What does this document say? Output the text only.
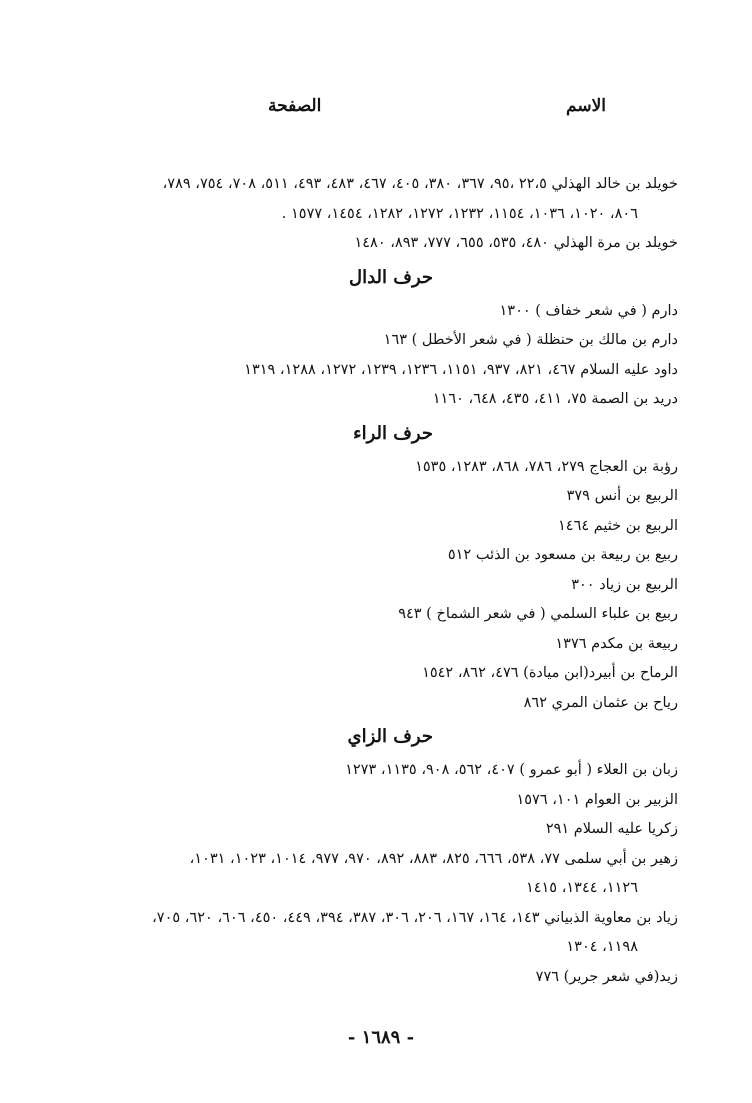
الاسم
الصفحة
خويلد بن خالد الهذلي ٢٢،٥ ،٩٥، ٣٦٧، ٣٨٠، ٤٠٥، ٤٦٧، ٤٨٣، ٤٩٣، ٥١١، ٧٠٨، ٧٥٤، ٧٨٩،
٨٠٦، ١٠٢٠، ١٠٣٦، ١١٥٤، ١٢٣٢، ١٢٧٢، ١٢٨٢، ١٤٥٤، ١٥٧٧ .
خويلد بن مرة الهذلي ٤٨٠، ٥٣٥، ٦٥٥، ٧٧٧، ٨٩٣، ١٤٨٠
حرف الدال
دارم ( في شعر خفاف ) ١٣٠٠
دارم بن مالك بن حنظلة ( في شعر الأخطل ) ١٦٣
داود عليه السلام ٤٦٧، ٨٢١، ٩٣٧، ١١٥١، ١٢٣٦، ١٢٣٩، ١٢٧٢، ١٢٨٨، ١٣١٩
دريد بن الصمة ٧٥، ٤١١، ٤٣٥، ٦٤٨، ١١٦٠
حرف الراء
رؤبة بن العجاج ٢٧٩، ٧٨٦، ٨٦٨، ١٢٨٣، ١٥٣٥
الربيع بن أنس ٣٧٩
الربيع بن خثيم ١٤٦٤
ربيع بن ربيعة بن مسعود بن الذئب ٥١٢
الربيع بن زياد ٣٠٠
ربيع بن علباء السلمي ( في شعر الشماخ ) ٩٤٣
ربيعة بن مكدم ١٣٧٦
الرماح بن أبيرد(ابن ميادة) ٤٧٦، ٨٦٢، ١٥٤٢
رياح بن عثمان المري ٨٦٢
حرف الزاي
زبان بن العلاء ( أبو عمرو ) ٤٠٧، ٥٦٢، ٩٠٨، ١١٣٥، ١٢٧٣
الزبير بن العوام ١٠١، ١٥٧٦
زكريا عليه السلام ٢٩١
زهير بن أبي سلمى ٧٧، ٥٣٨، ٦٦٦، ٨٢٥، ٨٨٣، ٨٩٢، ٩٧٠، ٩٧٧، ١٠١٤، ١٠٢٣، ١٠٣١،
١١٢٦، ١٣٤٤، ١٤١٥
زياد بن معاوية الذبياني ١٤٣، ١٦٤، ١٦٧، ٢٠٦، ٣٠٦، ٣٨٧، ٣٩٤، ٤٤٩، ٤٥٠، ٦٠٦، ٦٢٠، ٧٠٥،
١١٩٨، ١٣٠٤
زيد(في شعر جرير) ٧٧٦
- ١٦٨٩ -
